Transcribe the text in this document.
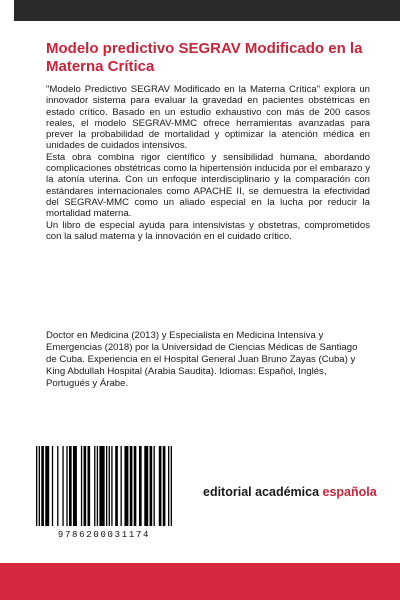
Modelo predictivo SEGRAV Modificado en la Materna Crítica

"Modelo Predictivo SEGRAV Modificado en la Materna Crítica" explora un innovador sistema para evaluar la gravedad en pacientes obstétricas en estado crítico. Basado en un estudio exhaustivo con más de 200 casos reales, el modelo SEGRAV-MMC ofrece herramientas avanzadas para prever la probabilidad de mortalidad y optimizar la atención médica en unidades de cuidados intensivos.

Esta obra combina rigor científico y sensibilidad humana, abordando complicaciones obstétricas como la hipertensión inducida por el embarazo y la atonía uterina. Con un enfoque interdisciplinario y la comparación con estándares internacionales como APACHE II, se demuestra la efectividad del SEGRAV-MMC como un aliado especial en la lucha por reducir la mortalidad materna.

Un libro de especial ayuda para intensivistas y obstetras, comprometidos con la salud materna y la innovación en el cuidado crítico.

Doctor en Medicina (2013) y Especialista en Medicina Intensiva y Emergencias (2018) por la Universidad de Ciencias Médicas de Santiago de Cuba. Experiencia en el Hospital General Juan Bruno Zayas (Cuba) y King Abdullah Hospital (Arabia Saudita). Idiomas: Español, Inglés, Portugués y Árabe.
9786200031174
editorial académica española
